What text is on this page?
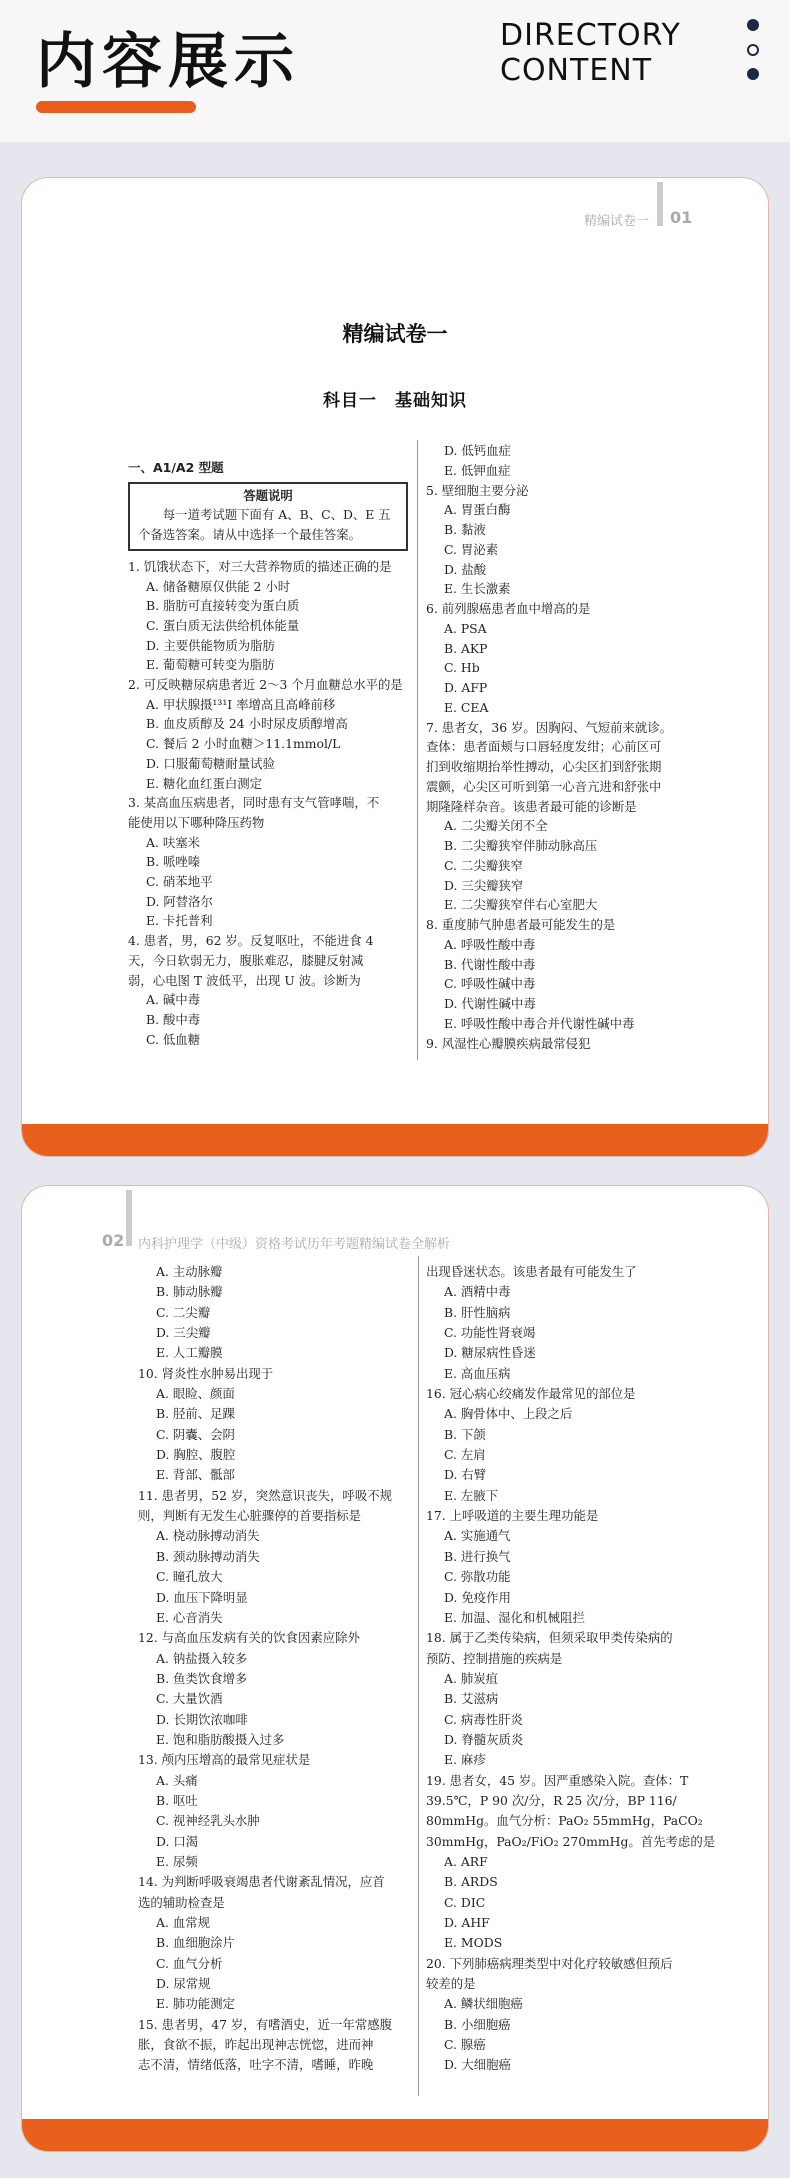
内容展示	DIRECTORY
CONTENT
精编试卷一 01
精编试卷一
科目一　基础知识
一、A1/A2 型题
答题说明
每一道考试题下面有 A、B、C、D、E 五个备选答案。请从中选择一个最佳答案。
1. 饥饿状态下，对三大营养物质的描述正确的是
A. 储备糖原仅供能 2 小时
B. 脂肪可直接转变为蛋白质
C. 蛋白质无法供给机体能量
D. 主要供能物质为脂肪
E. 葡萄糖可转变为脂肪
2. 可反映糖尿病患者近 2～3 个月血糖总水平的是
A. 甲状腺摄¹³¹I 率增高且高峰前移
B. 血皮质醇及 24 小时尿皮质醇增高
C. 餐后 2 小时血糖＞11.1mmol/L
D. 口服葡萄糖耐量试验
E. 糖化血红蛋白测定
3. 某高血压病患者，同时患有支气管哮喘，不
能使用以下哪种降压药物
A. 呋塞米
B. 哌唑嗪
C. 硝苯地平
D. 阿替洛尔
E. 卡托普利
4. 患者，男，62 岁。反复呕吐，不能进食 4
天，今日软弱无力，腹胀难忍，膝腱反射减
弱，心电图 T 波低平，出现 U 波。诊断为
A. 碱中毒
B. 酸中毒
C. 低血糖
D. 低钙血症
E. 低钾血症
5. 壁细胞主要分泌
A. 胃蛋白酶
B. 黏液
C. 胃泌素
D. 盐酸
E. 生长激素
6. 前列腺癌患者血中增高的是
A. PSA
B. AKP
C. Hb
D. AFP
E. CEA
7. 患者女，36 岁。因胸闷、气短前来就诊。
查体：患者面颊与口唇轻度发绀；心前区可
扪到收缩期抬举性搏动，心尖区扪到舒张期
震颤，心尖区可听到第一心音亢进和舒张中
期隆隆样杂音。该患者最可能的诊断是
A. 二尖瓣关闭不全
B. 二尖瓣狭窄伴肺动脉高压
C. 二尖瓣狭窄
D. 三尖瓣狭窄
E. 二尖瓣狭窄伴右心室肥大
8. 重度肺气肿患者最可能发生的是
A. 呼吸性酸中毒
B. 代谢性酸中毒
C. 呼吸性碱中毒
D. 代谢性碱中毒
E. 呼吸性酸中毒合并代谢性碱中毒
9. 风湿性心瓣膜疾病最常侵犯
02 内科护理学（中级）资格考试历年考题精编试卷全解析
A. 主动脉瓣
B. 肺动脉瓣
C. 二尖瓣
D. 三尖瓣
E. 人工瓣膜
10. 肾炎性水肿易出现于
A. 眼睑、颜面
B. 胫前、足踝
C. 阴囊、会阴
D. 胸腔、腹腔
E. 背部、骶部
11. 患者男，52 岁，突然意识丧失，呼吸不规
则，判断有无发生心脏骤停的首要指标是
A. 桡动脉搏动消失
B. 颈动脉搏动消失
C. 瞳孔放大
D. 血压下降明显
E. 心音消失
12. 与高血压发病有关的饮食因素应除外
A. 钠盐摄入较多
B. 鱼类饮食增多
C. 大量饮酒
D. 长期饮浓咖啡
E. 饱和脂肪酸摄入过多
13. 颅内压增高的最常见症状是
A. 头痛
B. 呕吐
C. 视神经乳头水肿
D. 口渴
E. 尿频
14. 为判断呼吸衰竭患者代谢紊乱情况，应首
选的辅助检查是
A. 血常规
B. 血细胞涂片
C. 血气分析
D. 尿常规
E. 肺功能测定
15. 患者男，47 岁，有嗜酒史，近一年常感腹
胀，食欲不振，昨起出现神志恍惚，进而神
志不清，情绪低落，吐字不清，嗜睡，昨晚
出现昏迷状态。该患者最有可能发生了
A. 酒精中毒
B. 肝性脑病
C. 功能性肾衰竭
D. 糖尿病性昏迷
E. 高血压病
16. 冠心病心绞痛发作最常见的部位是
A. 胸骨体中、上段之后
B. 下颌
C. 左肩
D. 右臂
E. 左腋下
17. 上呼吸道的主要生理功能是
A. 实施通气
B. 进行换气
C. 弥散功能
D. 免疫作用
E. 加温、湿化和机械阻拦
18. 属于乙类传染病，但须采取甲类传染病的
预防、控制措施的疾病是
A. 肺炭疽
B. 艾滋病
C. 病毒性肝炎
D. 脊髓灰质炎
E. 麻疹
19. 患者女，45 岁。因严重感染入院。查体：T
39.5℃，P 90 次/分，R 25 次/分，BP 116/
80mmHg。血气分析：PaO₂ 55mmHg，PaCO₂
30mmHg，PaO₂/FiO₂ 270mmHg。首先考虑的是
A. ARF
B. ARDS
C. DIC
D. AHF
E. MODS
20. 下列肺癌病理类型中对化疗较敏感但预后
较差的是
A. 鳞状细胞癌
B. 小细胞癌
C. 腺癌
D. 大细胞癌
